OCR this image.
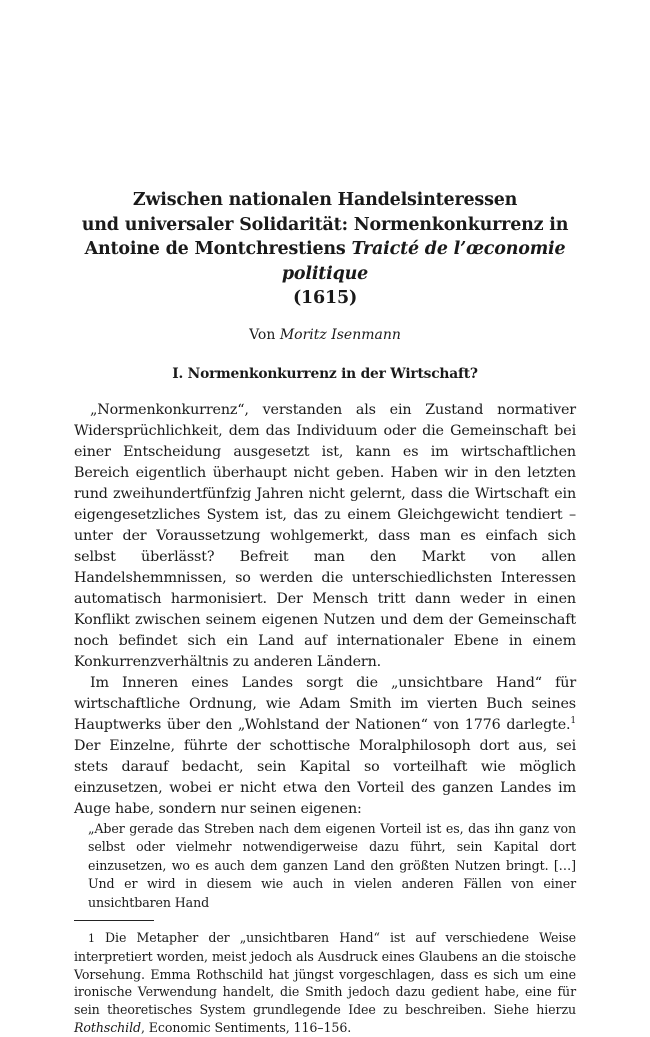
Zwischen nationalen Handelsinteressen
und universaler Solidarität: Normenkonkurrenz in
Antoine de Montchrestiens Traicté de l’œconomie politique
(1615)
Von Moritz Isenmann
I. Normenkonkurrenz in der Wirtschaft?

„Normenkonkurrenz“, verstanden als ein Zustand normativer Widersprüchlichkeit, dem das Individuum oder die Gemeinschaft bei einer Entscheidung ausgesetzt ist, kann es im wirtschaftlichen Bereich eigentlich überhaupt nicht geben. Haben wir in den letzten rund zweihundertfünfzig Jahren nicht gelernt, dass die Wirtschaft ein eigengesetzliches System ist, das zu einem Gleichgewicht tendiert – unter der Voraussetzung wohlgemerkt, dass man es einfach sich selbst überlässt? Befreit man den Markt von allen Handelshemmnissen, so werden die unterschiedlichsten Interessen automatisch harmonisiert. Der Mensch tritt dann weder in einen Konflikt zwischen seinem eigenen Nutzen und dem der Gemeinschaft noch befindet sich ein Land auf internationaler Ebene in einem Konkurrenzverhältnis zu anderen Ländern.

Im Inneren eines Landes sorgt die „unsichtbare Hand“ für wirtschaftliche Ordnung, wie Adam Smith im vierten Buch seines Hauptwerks über den „Wohlstand der Nationen“ von 1776 darlegte.$^1$ Der Einzelne, führte der schottische Moralphilosoph dort aus, sei stets darauf bedacht, sein Kapital so vorteilhaft wie möglich einzusetzen, wobei er nicht etwa den Vorteil des ganzen Landes im Auge habe, sondern nur seinen eigenen:

„Aber gerade das Streben nach dem eigenen Vorteil ist es, das ihn ganz von selbst oder vielmehr notwendigerweise dazu führt, sein Kapital dort einzusetzen, wo es auch dem ganzen Land den größten Nutzen bringt. […] Und er wird in diesem wie auch in vielen anderen Fällen von einer unsichtbaren Hand

1 Die Metapher der „unsichtbaren Hand“ ist auf verschiedene Weise interpretiert worden, meist jedoch als Ausdruck eines Glaubens an die stoische Vorsehung. Emma Rothschild hat jüngst vorgeschlagen, dass es sich um eine ironische Verwendung handelt, die Smith jedoch dazu gedient habe, eine für sein theoretisches System grundlegende Idee zu beschreiben. Siehe hierzu Rothschild, Economic Sentiments, 116–156.
